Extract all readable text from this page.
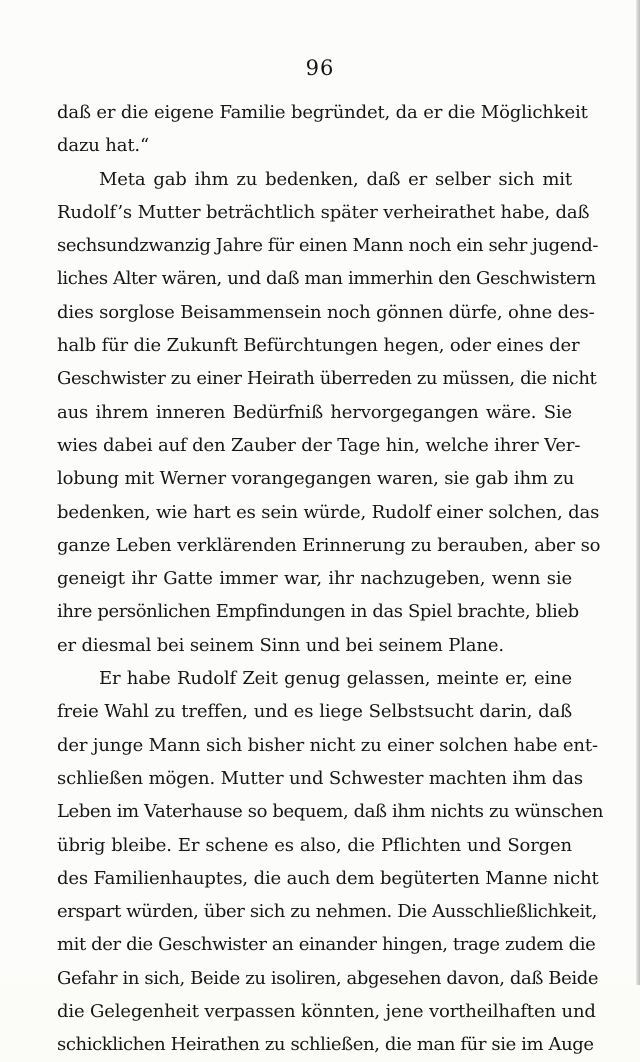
96
daß er die eigene Familie begründet, da er die Möglichkeit
dazu hat.“
Meta gab ihm zu bedenken, daß er selber sich mit
Rudolf’s Mutter beträchtlich später verheirathet habe, daß
sechsundzwanzig Jahre für einen Mann noch ein sehr jugend-
liches Alter wären, und daß man immerhin den Geschwistern
dies sorglose Beisammensein noch gönnen dürfe, ohne des-
halb für die Zukunft Befürchtungen hegen, oder eines der
Geschwister zu einer Heirath überreden zu müssen, die nicht
aus ihrem inneren Bedürfniß hervorgegangen wäre. Sie
wies dabei auf den Zauber der Tage hin, welche ihrer Ver-
lobung mit Werner vorangegangen waren, sie gab ihm zu
bedenken, wie hart es sein würde, Rudolf einer solchen, das
ganze Leben verklärenden Erinnerung zu berauben, aber so
geneigt ihr Gatte immer war, ihr nachzugeben, wenn sie
ihre persönlichen Empfindungen in das Spiel brachte, blieb
er diesmal bei seinem Sinn und bei seinem Plane.
Er habe Rudolf Zeit genug gelassen, meinte er, eine
freie Wahl zu treffen, und es liege Selbstsucht darin, daß
der junge Mann sich bisher nicht zu einer solchen habe ent-
schließen mögen. Mutter und Schwester machten ihm das
Leben im Vaterhause so bequem, daß ihm nichts zu wünschen
übrig bleibe. Er schene es also, die Pflichten und Sorgen
des Familienhauptes, die auch dem begüterten Manne nicht
erspart würden, über sich zu nehmen. Die Ausschließlichkeit,
mit der die Geschwister an einander hingen, trage zudem die
Gefahr in sich, Beide zu isoliren, abgesehen davon, daß Beide
die Gelegenheit verpassen könnten, jene vortheilhaften und
schicklichen Heirathen zu schließen, die man für sie im Auge
